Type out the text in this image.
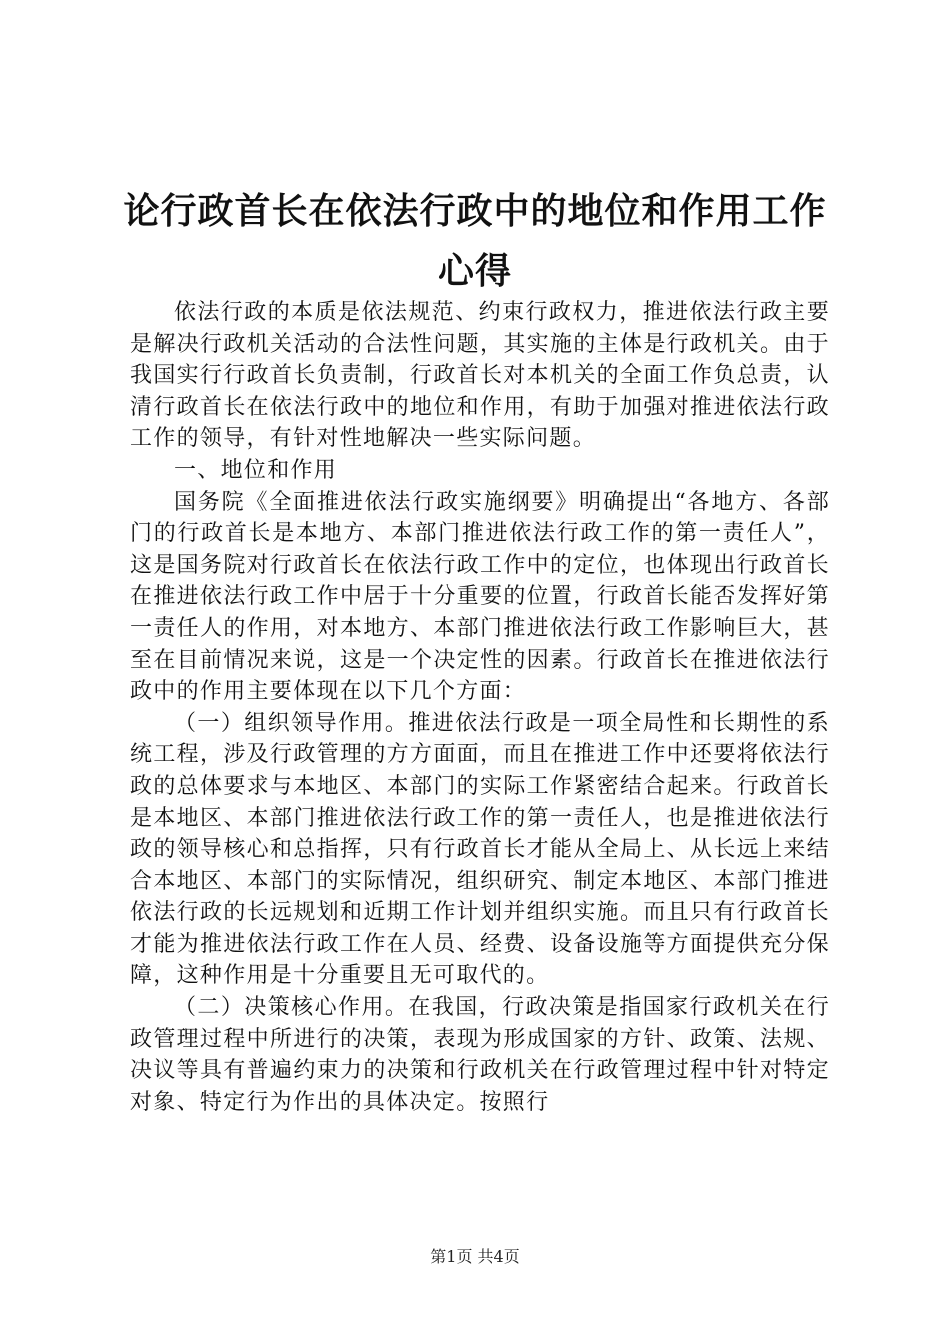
论行政首长在依法行政中的地位和作用工作心得

依法行政的本质是依法规范、约束行政权力，推进依法行政主要是解决行政机关活动的合法性问题，其实施的主体是行政机关。由于我国实行行政首长负责制，行政首长对本机关的全面工作负总责，认清行政首长在依法行政中的地位和作用，有助于加强对推进依法行政工作的领导，有针对性地解决一些实际问题。

一、地位和作用

国务院《全面推进依法行政实施纲要》明确提出“各地方、各部门的行政首长是本地方、本部门推进依法行政工作的第一责任人”，这是国务院对行政首长在依法行政工作中的定位，也体现出行政首长在推进依法行政工作中居于十分重要的位置，行政首长能否发挥好第一责任人的作用，对本地方、本部门推进依法行政工作影响巨大，甚至在目前情况来说，这是一个决定性的因素。行政首长在推进依法行政中的作用主要体现在以下几个方面：

（一）组织领导作用。推进依法行政是一项全局性和长期性的系统工程，涉及行政管理的方方面面，而且在推进工作中还要将依法行政的总体要求与本地区、本部门的实际工作紧密结合起来。行政首长是本地区、本部门推进依法行政工作的第一责任人，也是推进依法行政的领导核心和总指挥，只有行政首长才能从全局上、从长远上来结合本地区、本部门的实际情况，组织研究、制定本地区、本部门推进依法行政的长远规划和近期工作计划并组织实施。而且只有行政首长才能为推进依法行政工作在人员、经费、设备设施等方面提供充分保障，这种作用是十分重要且无可取代的。

（二）决策核心作用。在我国，行政决策是指国家行政机关在行政管理过程中所进行的决策，表现为形成国家的方针、政策、法规、决议等具有普遍约束力的决策和行政机关在行政管理过程中针对特定对象、特定行为作出的具体决定。按照行

第1页 共4页
